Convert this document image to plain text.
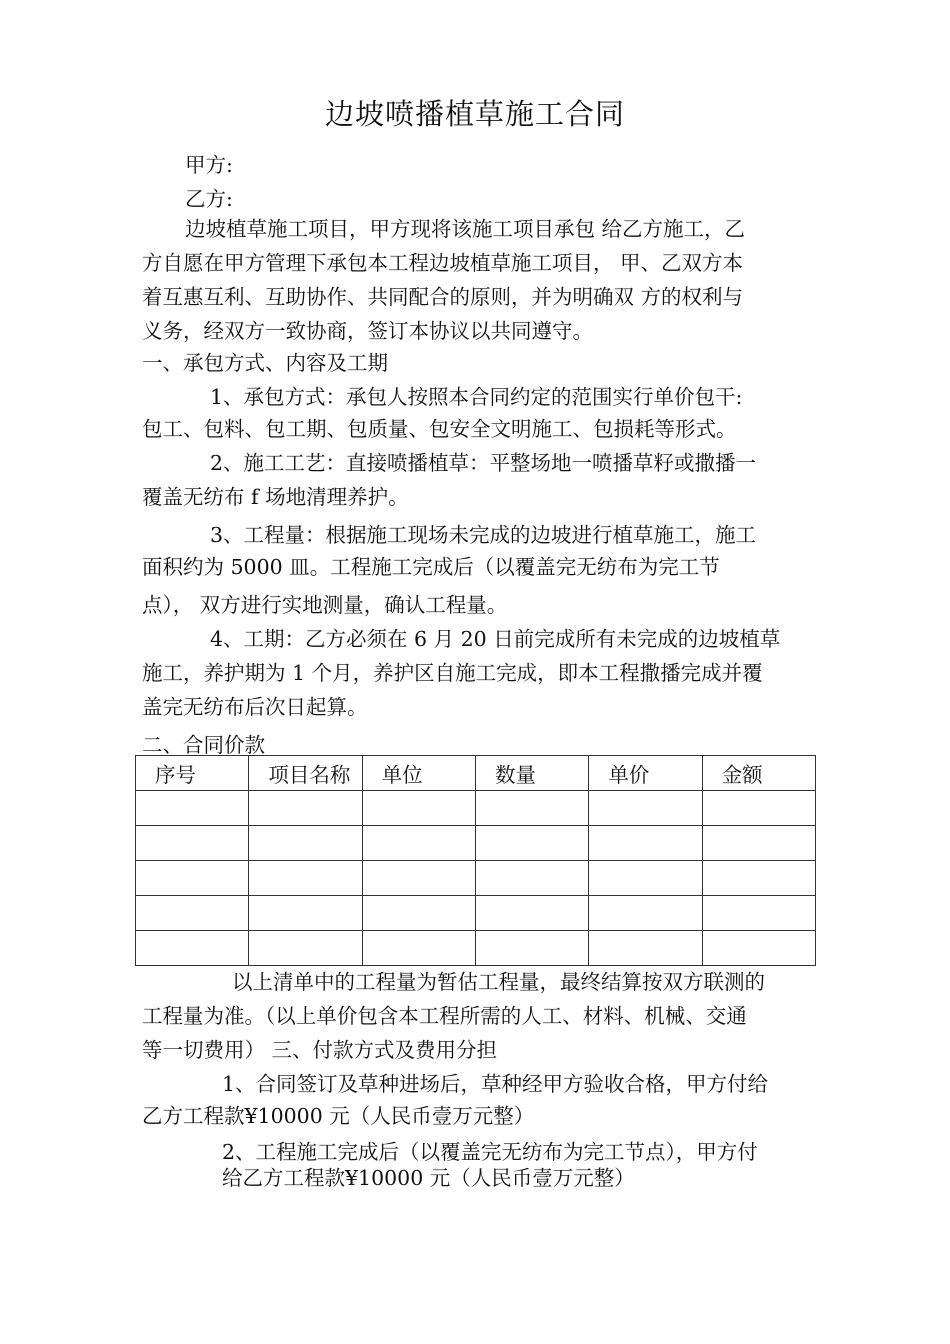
边坡喷播植草施工合同
甲方:
乙方:
边坡植草施工项目，甲方现将该施工项目承包 给乙方施工，乙
方自愿在甲方管理下承包本工程边坡植草施工项目， 甲、乙双方本
着互惠互利、互助协作、共同配合的原则，并为明确双 方的权利与
义务，经双方一致协商，签订本协议以共同遵守。
一、承包方式、内容及工期
1、承包方式：承包人按照本合同约定的范围实行单价包干:
包工、包料、包工期、包质量、包安全文明施工、包损耗等形式。
2、施工工艺：直接喷播植草：平整场地一喷播草籽或撒播一
覆盖无纺布 f 场地清理养护。
3、工程量：根据施工现场未完成的边坡进行植草施工，施工
面积约为 5000 皿。工程施工完成后（以覆盖完无纺布为完工节
点）， 双方进行实地测量，确认工程量。
4、工期：乙方必须在 6 月 20 日前完成所有未完成的边坡植草
施工，养护期为 1 个月，养护区自施工完成，即本工程撒播完成并覆
盖完无纺布后次日起算。
二、合同价款
序号	项目名称	单位	数量	单价	金额

以上清单中的工程量为暂估工程量，最终结算按双方联测的
工程量为准。（以上单价包含本工程所需的人工、材料、机械、交通
等一切费用） 三、付款方式及费用分担
1、合同签订及草种进场后，草种经甲方验收合格，甲方付给
乙方工程款¥10000 元（人民币壹万元整）
2、工程施工完成后（以覆盖完无纺布为完工节点），甲方付
给乙方工程款¥10000 元（人民币壹万元整）
